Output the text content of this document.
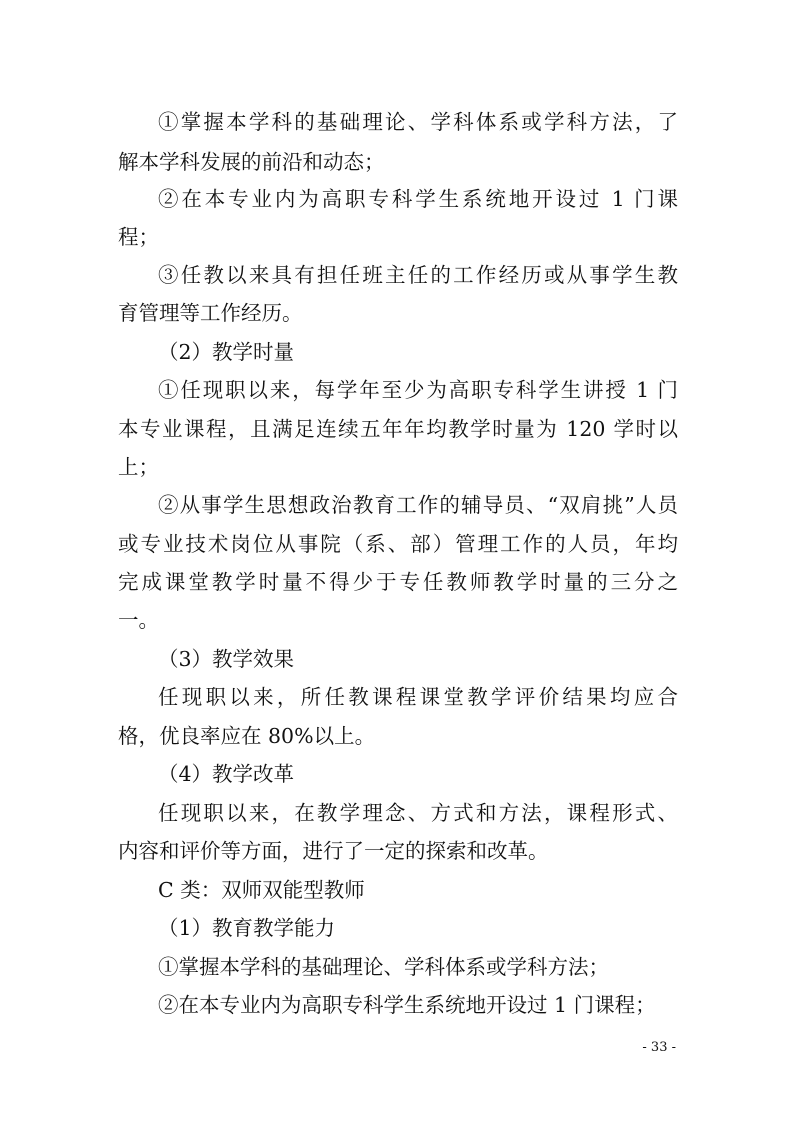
①掌握本学科的基础理论、学科体系或学科方法，了
解本学科发展的前沿和动态；
②在本专业内为高职专科学生系统地开设过 1 门课
程；
③任教以来具有担任班主任的工作经历或从事学生教
育管理等工作经历。
（2）教学时量
①任现职以来，每学年至少为高职专科学生讲授 1 门
本专业课程，且满足连续五年年均教学时量为 120 学时以
上；
②从事学生思想政治教育工作的辅导员、“双肩挑”人员
或专业技术岗位从事院（系、部）管理工作的人员，年均
完成课堂教学时量不得少于专任教师教学时量的三分之
一。
（3）教学效果
任现职以来，所任教课程课堂教学评价结果均应合
格，优良率应在 80%以上。
（4）教学改革
任现职以来，在教学理念、方式和方法，课程形式、
内容和评价等方面，进行了一定的探索和改革。
C 类：双师双能型教师
（1）教育教学能力
①掌握本学科的基础理论、学科体系或学科方法；
②在本专业内为高职专科学生系统地开设过 1 门课程；
- 33 -
